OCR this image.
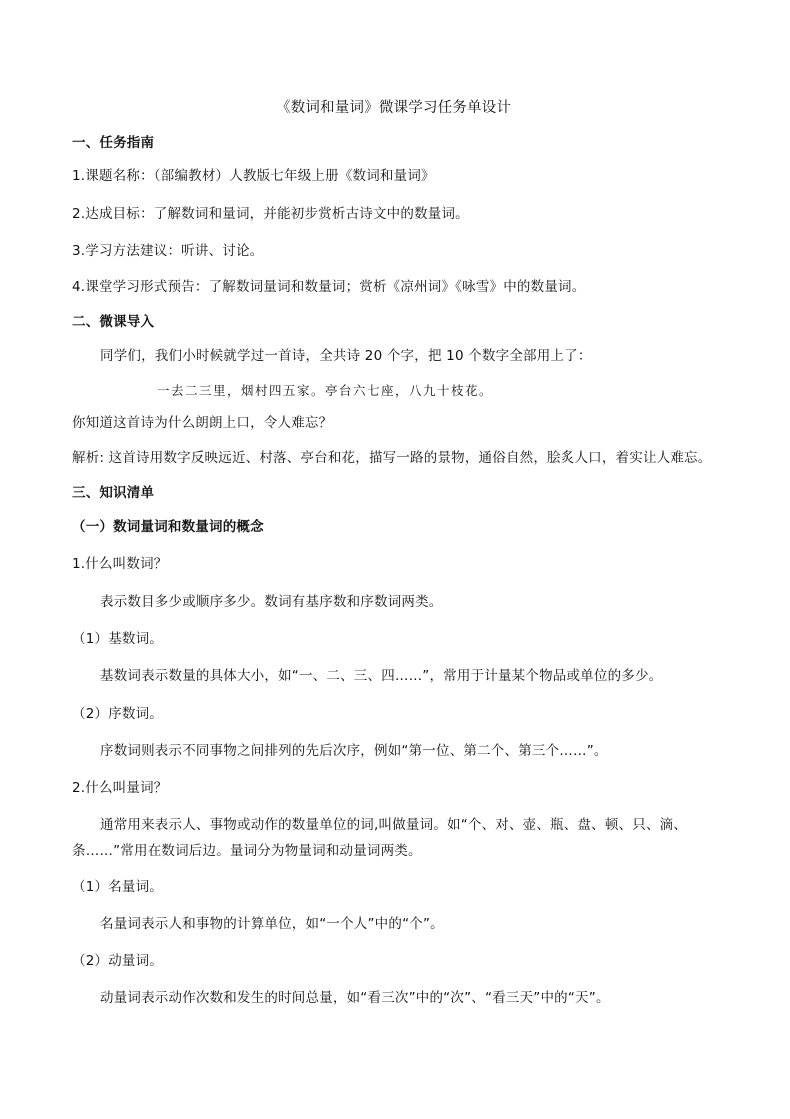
《数词和量词》微课学习任务单设计
一、任务指南
1.课题名称：（部编教材）人教版七年级上册《数词和量词》
2.达成目标：了解数词和量词，并能初步赏析古诗文中的数量词。
3.学习方法建议：听讲、讨论。
4.课堂学习形式预告：了解数词量词和数量词；赏析《凉州词》《咏雪》中的数量词。
二、微课导入
同学们，我们小时候就学过一首诗，全共诗 20 个字，把 10 个数字全部用上了：
一去二三里，烟村四五家。亭台六七座，八九十枝花。
你知道这首诗为什么朗朗上口，令人难忘？
解析: 这首诗用数字反映远近、村落、亭台和花，描写一路的景物，通俗自然，脍炙人口，着实让人难忘。
三、知识清单
（一）数词量词和数量词的概念
1.什么叫数词？
表示数目多少或顺序多少。数词有基序数和序数词两类。
（1）基数词。
基数词表示数量的具体大小，如“一、二、三、四……”，常用于计量某个物品或单位的多少。
（2）序数词。
序数词则表示不同事物之间排列的先后次序，例如“第一位、第二个、第三个……”。
2.什么叫量词？
通常用来表示人、事物或动作的数量单位的词,叫做量词。如“个、对、壶、瓶、盘、顿、只、滴、
条……”常用在数词后边。量词分为物量词和动量词两类。
（1）名量词。
名量词表示人和事物的计算单位，如“一个人”中的“个”。
（2）动量词。
动量词表示动作次数和发生的时间总量，如“看三次”中的“次”、“看三天”中的“天”。
